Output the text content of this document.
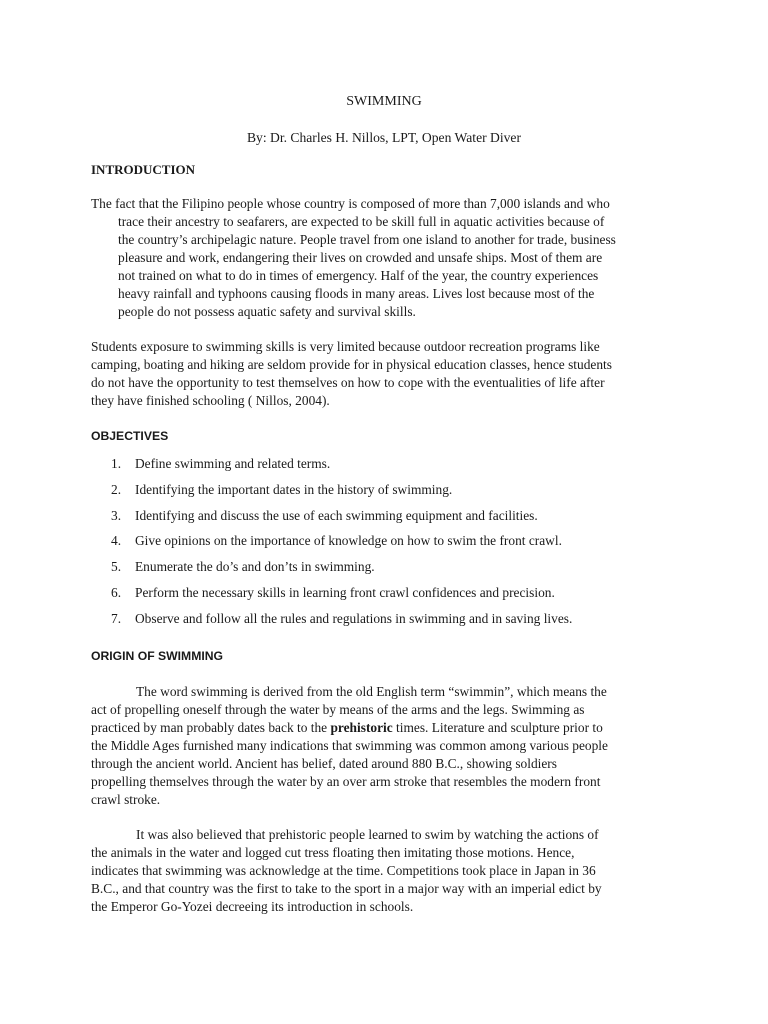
SWIMMING
By: Dr. Charles H. Nillos, LPT, Open Water Diver
INTRODUCTION
The fact that the Filipino people whose country is composed of more than 7,000 islands and who
trace their ancestry to seafarers, are expected to be skill full in aquatic activities because of
the country’s archipelagic nature. People travel from one island to another for trade, business
pleasure and work, endangering their lives on crowded and unsafe ships. Most of them are
not trained on what to do in times of emergency. Half of the year, the country experiences
heavy rainfall and typhoons causing floods in many areas. Lives lost because most of the
people do not possess aquatic safety and survival skills.
Students exposure to swimming skills is very limited because outdoor recreation programs like
camping, boating and hiking are seldom provide for in physical education classes, hence students
do not have the opportunity to test themselves on how to cope with the eventualities of life after
they have finished schooling ( Nillos, 2004).
OBJECTIVES
1.	Define swimming and related terms.
2.	Identifying the important dates in the history of swimming.
3.	Identifying and discuss the use of each swimming equipment and facilities.
4.	Give opinions on the importance of knowledge on how to swim the front crawl.
5.	Enumerate the do’s and don’ts in swimming.
6.	Perform the necessary skills in learning front crawl confidences and precision.
7.	Observe and follow all the rules and regulations in swimming and in saving lives.
ORIGIN OF SWIMMING
The word swimming is derived from the old English term “swimmin”, which means the
act of propelling oneself through the water by means of the arms and the legs. Swimming as
practiced by man probably dates back to the prehistoric times. Literature and sculpture prior to
the Middle Ages furnished many indications that swimming was common among various people
through the ancient world. Ancient has belief, dated around 880 B.C., showing soldiers
propelling themselves through the water by an over arm stroke that resembles the modern front
crawl stroke.
It was also believed that prehistoric people learned to swim by watching the actions of
the animals in the water and logged cut tress floating then imitating those motions. Hence,
indicates that swimming was acknowledge at the time. Competitions took place in Japan in 36
B.C., and that country was the first to take to the sport in a major way with an imperial edict by
the Emperor Go-Yozei decreeing its introduction in schools.
